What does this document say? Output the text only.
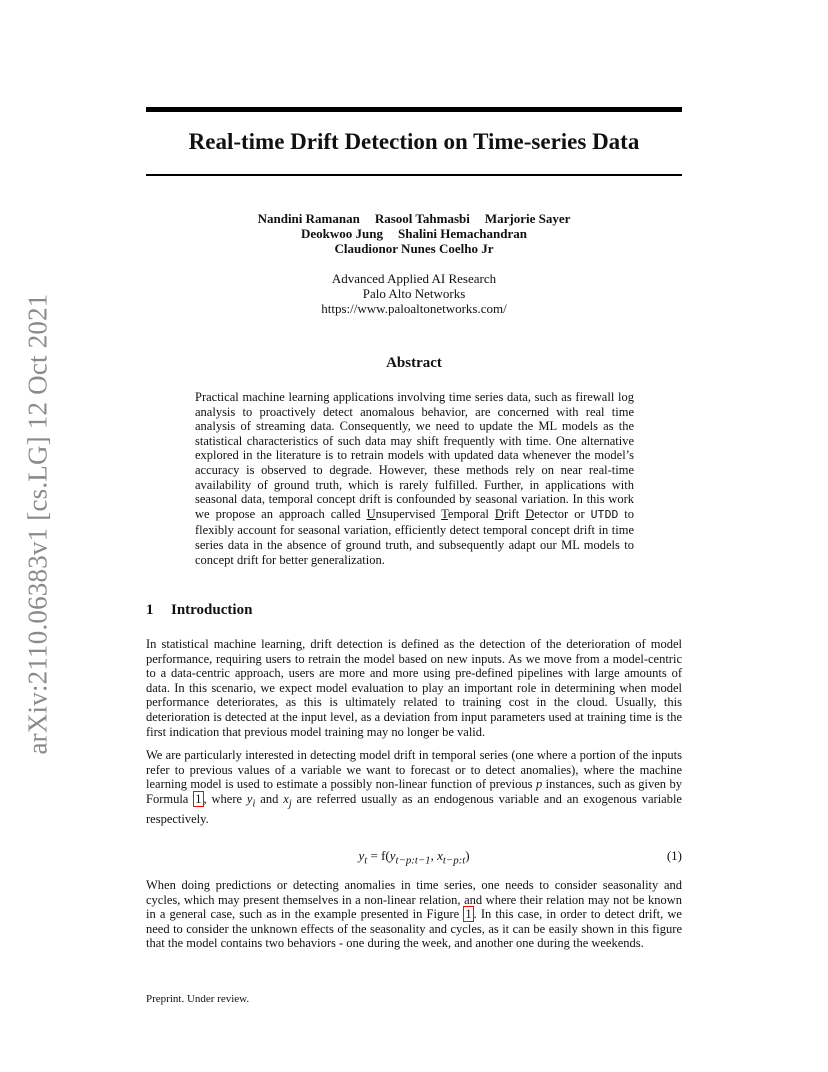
arXiv:2110.06383v1 [cs.LG] 12 Oct 2021
Real-time Drift Detection on Time-series Data
Nandini Ramanan Rasool Tahmasbi Marjorie Sayer
Deokwoo Jung Shalini Hemachandran
Claudionor Nunes Coelho Jr
Advanced Applied AI Research
Palo Alto Networks
https://www.paloaltonetworks.com/
Abstract
Practical machine learning applications involving time series data, such as firewall log analysis to proactively detect anomalous behavior, are concerned with real time analysis of streaming data. Consequently, we need to update the ML models as the statistical characteristics of such data may shift frequently with time. One alternative explored in the literature is to retrain models with updated data whenever the model’s accuracy is observed to degrade. However, these methods rely on near real-time availability of ground truth, which is rarely fulfilled. Further, in applications with seasonal data, temporal concept drift is confounded by seasonal variation. In this work we propose an approach called Unsupervised Temporal Drift Detector or UTDD to flexibly account for seasonal variation, efficiently detect temporal concept drift in time series data in the absence of ground truth, and subsequently adapt our ML models to concept drift for better generalization.
1 Introduction
In statistical machine learning, drift detection is defined as the detection of the deterioration of model performance, requiring users to retrain the model based on new inputs. As we move from a model-centric to a data-centric approach, users are more and more using pre-defined pipelines with large amounts of data. In this scenario, we expect model evaluation to play an important role in determining when model performance deteriorates, as this is ultimately related to training cost in the cloud. Usually, this deterioration is detected at the input level, as a deviation from input parameters used at training time is the first indication that previous model training may no longer be valid.
We are particularly interested in detecting model drift in temporal series (one where a portion of the inputs refer to previous values of a variable we want to forecast or to detect anomalies), where the machine learning model is used to estimate a possibly non-linear function of previous p instances, such as given by Formula 1 , where $y_i$ and $x_j$ are referred usually as an endogenous variable and an exogenous variable respectively.
$y_t = f(y_{t-p:t-1}$, $x_{t-p:t}$)	(1)
When doing predictions or detecting anomalies in time series, one needs to consider seasonality and cycles, which may present themselves in a non-linear relation, and where their relation may not be known in a general case, such as in the example presented in Figure 1 . In this case, in order to detect drift, we need to consider the unknown effects of the seasonality and cycles, as it can be easily shown in this figure that the model contains two behaviors - one during the week, and another one during the weekends.
Preprint. Under review.
